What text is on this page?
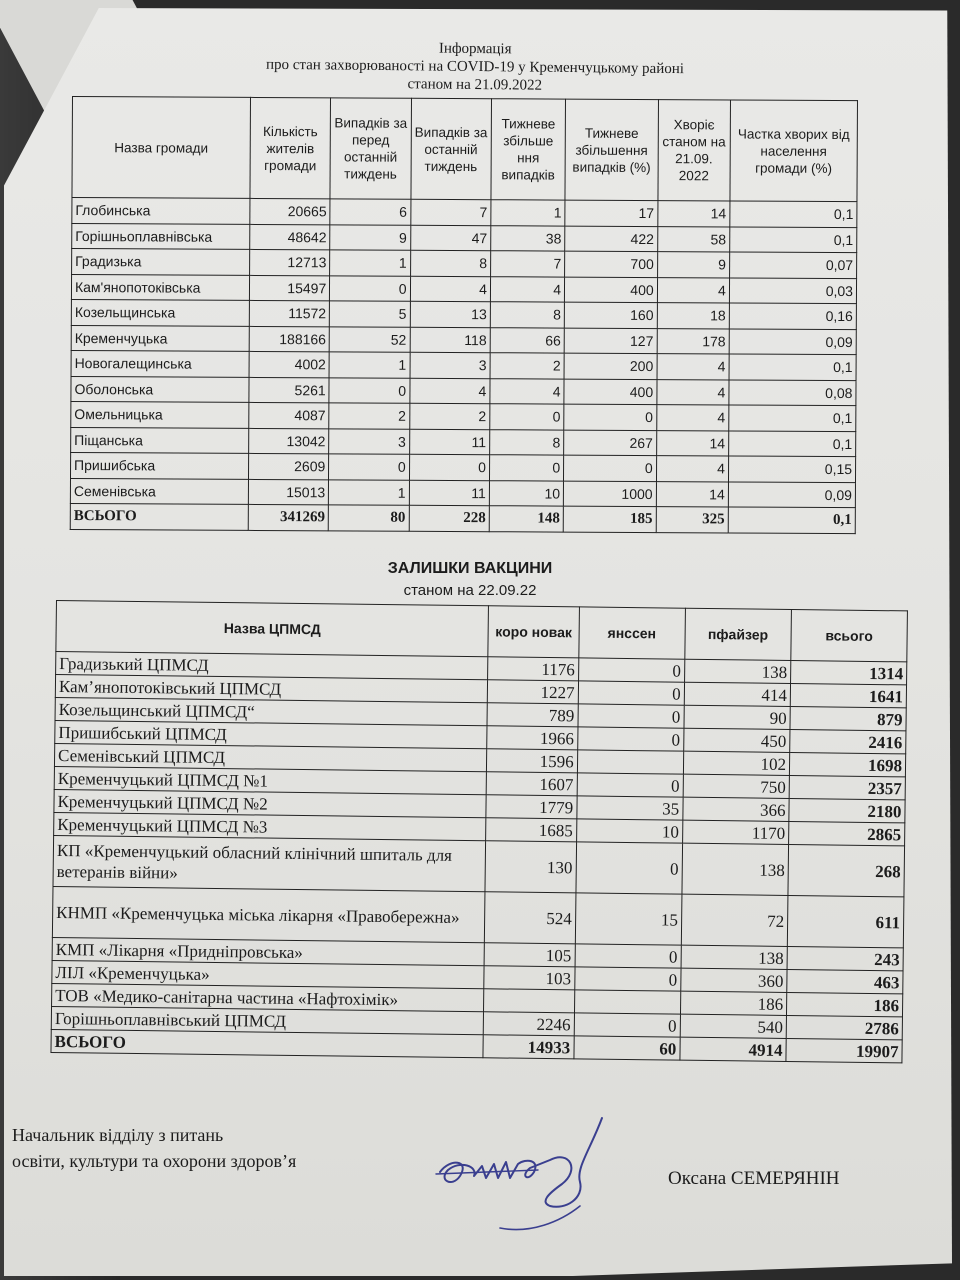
Інформація
про стан захворюваності на COVID-19 у Кременчуцькому районі
станом на 21.09.2022
Назва громади	Кількість жителів громади	Випадків за перед останній тиждень	Випадків за останній тиждень	Тижневе збільше ння випадків	Тижневе збільшення випадків (%)	Хворіє станом на 21.09. 2022	Частка хворих від населення громади (%)
Глобинська	20665	6	7	1	17	14	0,1
Горішньоплавнівська	48642	9	47	38	422	58	0,1
Градизька	12713	1	8	7	700	9	0,07
Кам'янопотоківська	15497	0	4	4	400	4	0,03
Козельщинська	11572	5	13	8	160	18	0,16
Кременчуцька	188166	52	118	66	127	178	0,09
Новогалещинська	4002	1	3	2	200	4	0,1
Оболонська	5261	0	4	4	400	4	0,08
Омельницька	4087	2	2	0	0	4	0,1
Піщанська	13042	3	11	8	267	14	0,1
Пришибська	2609	0	0	0	0	4	0,15
Семенівська	15013	1	11	10	1000	14	0,09
ВСЬОГО	341269	80	228	148	185	325	0,1
ЗАЛИШКИ ВАКЦИНИ
станом на 22.09.22
Назва ЦПМСД	коро новак	янссен	пфайзер	всього
Градизький ЦПМСД	1176	0	138	1314
Кам’янопотоківський ЦПМСД	1227	0	414	1641
Козельщинський ЦПМСД“	789	0	90	879
Пришибський ЦПМСД	1966	0	450	2416
Семенівський ЦПМСД	1596		102	1698
Кременчуцький ЦПМСД №1	1607	0	750	2357
Кременчуцький ЦПМСД №2	1779	35	366	2180
Кременчуцький ЦПМСД №3	1685	10	1170	2865
КП «Кременчуцький обласний клінічний шпиталь для ветеранів війни»	130	0	138	268
КНМП «Кременчуцька міська лікарня «Правобережна»	524	15	72	611
КМП «Лікарня «Придніпровська»	105	0	138	243
ЛІЛ «Кременчуцька»	103	0	360	463
ТОВ «Медико-санітарна частина «Нафтохімік»			186	186
Горішньоплавнівський ЦПМСД	2246	0	540	2786
ВСЬОГО	14933	60	4914	19907
Начальник відділу з питань
освіти, культури та охорони здоров’я
Оксана СЕМЕРЯНІН
